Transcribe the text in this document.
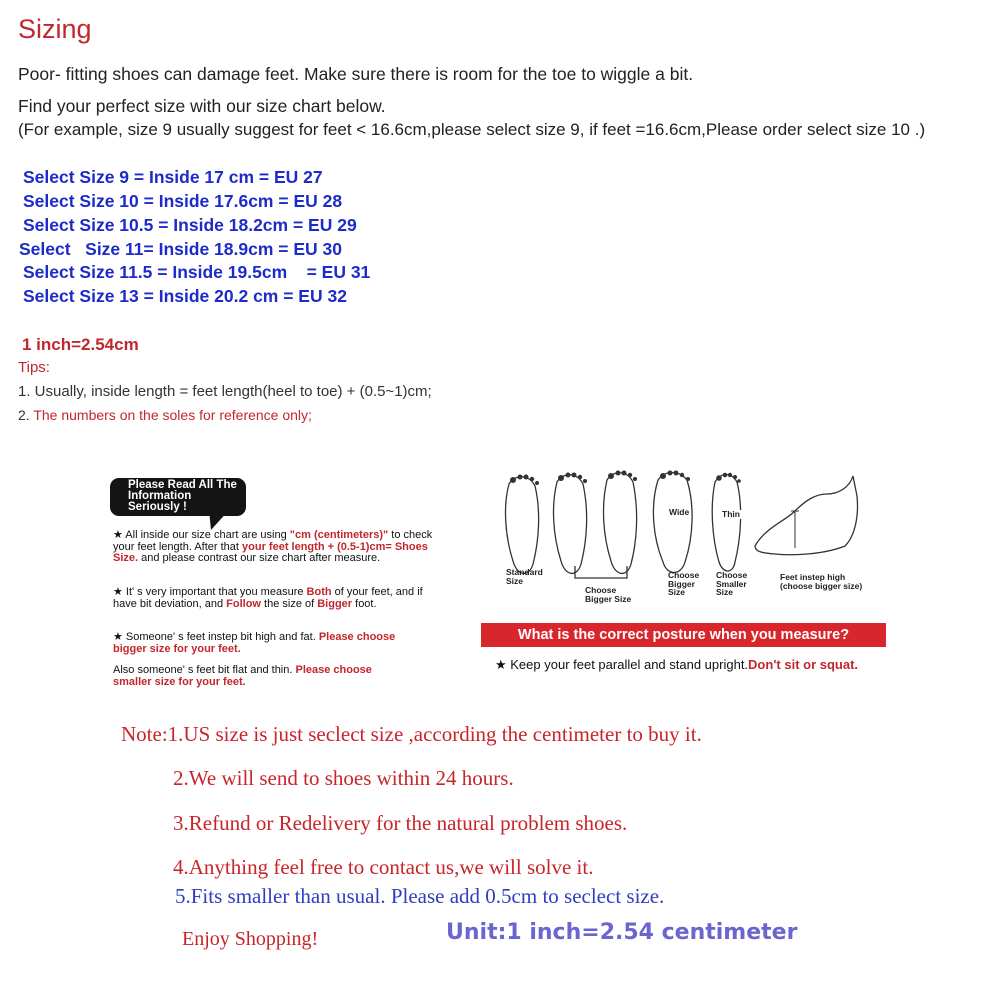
Sizing
Poor- fitting shoes can damage feet. Make sure there is room for the toe to wiggle a bit.
Find your perfect size with our size chart below.
(For example, size 9 usually suggest for feet < 16.6cm,please select size 9, if feet =16.6cm,Please order select size 10 .)
Select Size 9 = Inside 17 cm = EU 27
Select Size 10 = Inside 17.6cm = EU 28
Select Size 10.5 = Inside 18.2cm = EU 29
Select   Size 11= Inside 18.9cm = EU 30
Select Size 11.5 = Inside 19.5cm    = EU 31
Select Size 13 = Inside 20.2 cm = EU 32
1 inch=2.54cm
Tips:
1. Usually, inside length = feet length(heel to toe) + (0.5~1)cm;
2. The numbers on the soles for reference only;
Please Read All The Information Seriously !
★ All inside our size chart are using "cm (centimeters)" to check your feet length. After that your feet length + (0.5-1)cm= Shoes Size. and please contrast our size chart after measure.
★ It' s very important that you measure Both of your feet, and if have bit deviation, and Follow the size of Bigger foot.
★ Someone' s feet instep bit high and fat. Please choose bigger size for your feet.
Also someone' s feet bit flat and thin. Please choose smaller size for your feet.
Wide	Thin
Standard Size
Choose Bigger Size
Choose Bigger Size
Choose Smaller Size
Feet instep high (choose bigger size)
What is the correct posture when you measure?
★ Keep your feet parallel and stand upright.Don't sit or squat.
Note:1.US size is just seclect size ,according the centimeter to buy it.
2.We will send to shoes within 24 hours.
3.Refund or Redelivery for the natural problem shoes.
4.Anything feel free to contact us,we will solve it.
5.Fits smaller than usual. Please add 0.5cm to seclect size.
Enjoy Shopping!	Unit:1 inch=2.54 centimeter
